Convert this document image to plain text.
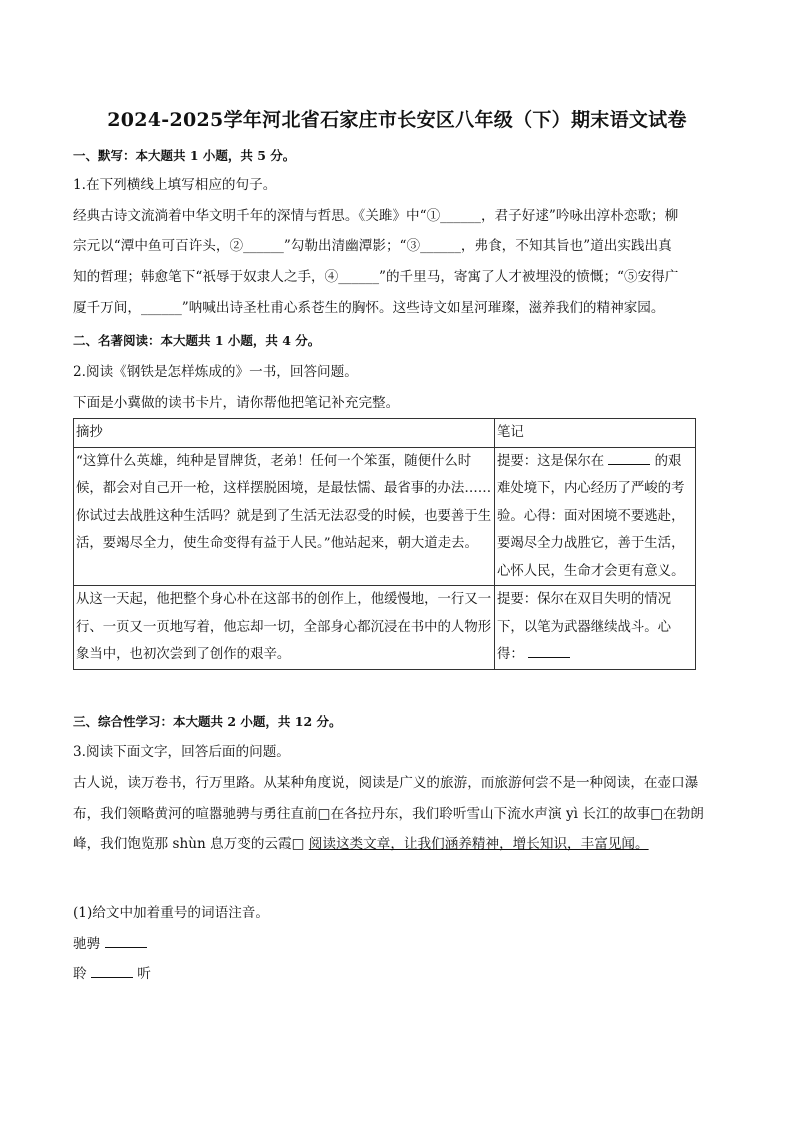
2024-2025学年河北省石家庄市长安区八年级（下）期末语文试卷
一、默写：本大题共 1 小题，共 5 分。
1.在下列横线上填写相应的句子。
经典古诗文流淌着中华文明千年的深情与哲思。《关雎》中“①______，君子好逑”吟咏出淳朴恋歌；柳
宗元以“潭中鱼可百许头，②______”勾勒出清幽潭影；“③______，弗食，不知其旨也”道出实践出真
知的哲理；韩愈笔下“祇辱于奴隶人之手，④______”的千里马，寄寓了人才被埋没的愤慨；“⑤安得广
厦千万间，______”呐喊出诗圣杜甫心系苍生的胸怀。这些诗文如星河璀璨，滋养我们的精神家园。
二、名著阅读：本大题共 1 小题，共 4 分。
2.阅读《钢铁是怎样炼成的》一书，回答问题。
下面是小冀做的读书卡片，请你帮他把笔记补充完整。
摘抄	笔记
“这算什么英雄，纯种是冒牌货，老弟！任何一个笨蛋，随便什么时候，都会对自己开一枪，这样摆脱困境，是最怯懦、最省事的办法……你试过去战胜这种生活吗？就是到了生活无法忍受的时候，也要善于生活，要竭尽全力，使生命变得有益于人民。”他站起来，朝大道走去。	提要：这是保尔在 的艰难处境下，内心经历了严峻的考验。心得：面对困境不要逃赴，要竭尽全力战胜它，善于生活，心怀人民，生命才会更有意义。
从这一天起，他把整个身心朴在这部书的创作上，他缓慢地，一行又一行、一页又一页地写着，他忘却一切，全部身心都沉浸在书中的人物形象当中，也初次尝到了创作的艰辛。	提要：保尔在双目失明的情况下，以笔为武器继续战斗。心得：
三、综合性学习：本大题共 2 小题，共 12 分。
3.阅读下面文字，回答后面的问题。
古人说，读万卷书，行万里路。从某种角度说，阅读是广义的旅游，而旅游何尝不是一种阅读，在壶口瀑布，我们领略黄河的喧嚣驰骋与勇往直前□在各拉丹东，我们聆听雪山下流水声演 yì 长江的故事□在勃朗峰，我们饱览那 shùn 息万变的云霞□ 阅读这类文章，让我们涵养精神，增长知识，丰富见闻。
(1)给文中加着重号的词语注音。
驰骋
聆	听
